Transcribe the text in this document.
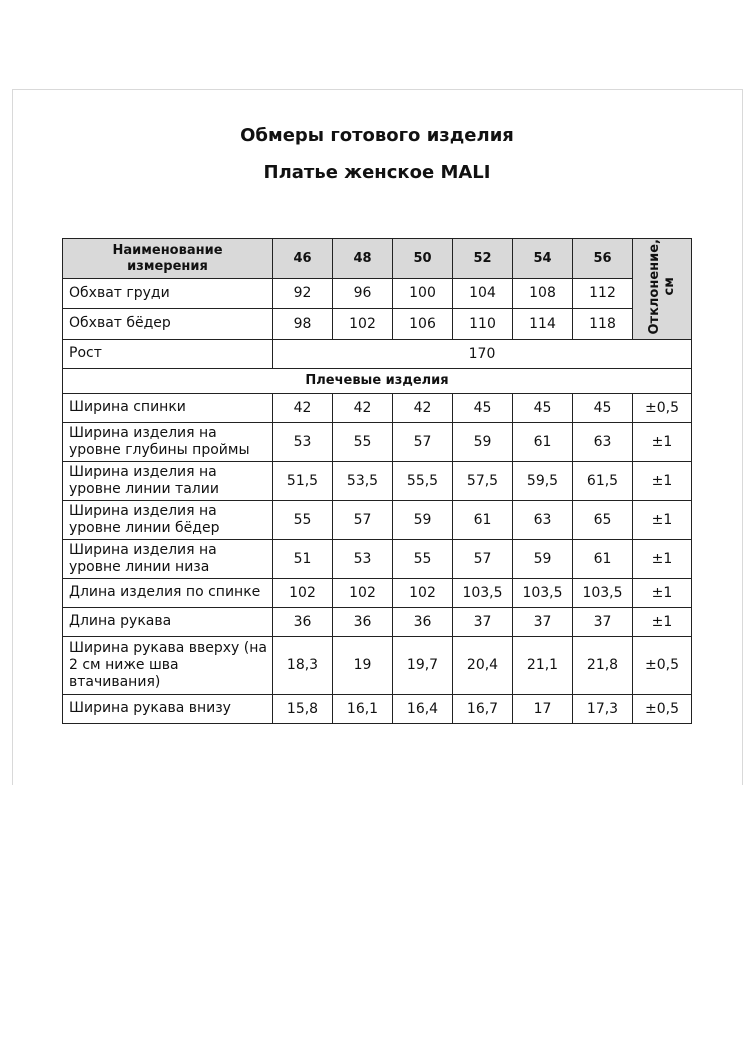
Обмеры готового изделия
Платье женское MALI
Наименование
измерения	46	48	50	52	54	56	Отклонение,
см
Обхват груди	92	96	100	104	108	112	
Обхват бёдер	98	102	106	110	114	118	
Рост	170						
Плечевые изделия							
Ширина спинки	42	42	42	45	45	45	±0,5
Ширина изделия на уровне глубины проймы	53	55	57	59	61	63	±1
Ширина изделия на уровне линии талии	51,5	53,5	55,5	57,5	59,5	61,5	±1
Ширина изделия на уровне линии бёдер	55	57	59	61	63	65	±1
Ширина изделия на уровне линии низа	51	53	55	57	59	61	±1
Длина изделия по спинке	102	102	102	103,5	103,5	103,5	±1
Длина рукава	36	36	36	37	37	37	±1
Ширина рукава вверху (на 2 см ниже шва втачивания)	18,3	19	19,7	20,4	21,1	21,8	±0,5
Ширина рукава внизу	15,8	16,1	16,4	16,7	17	17,3	±0,5
